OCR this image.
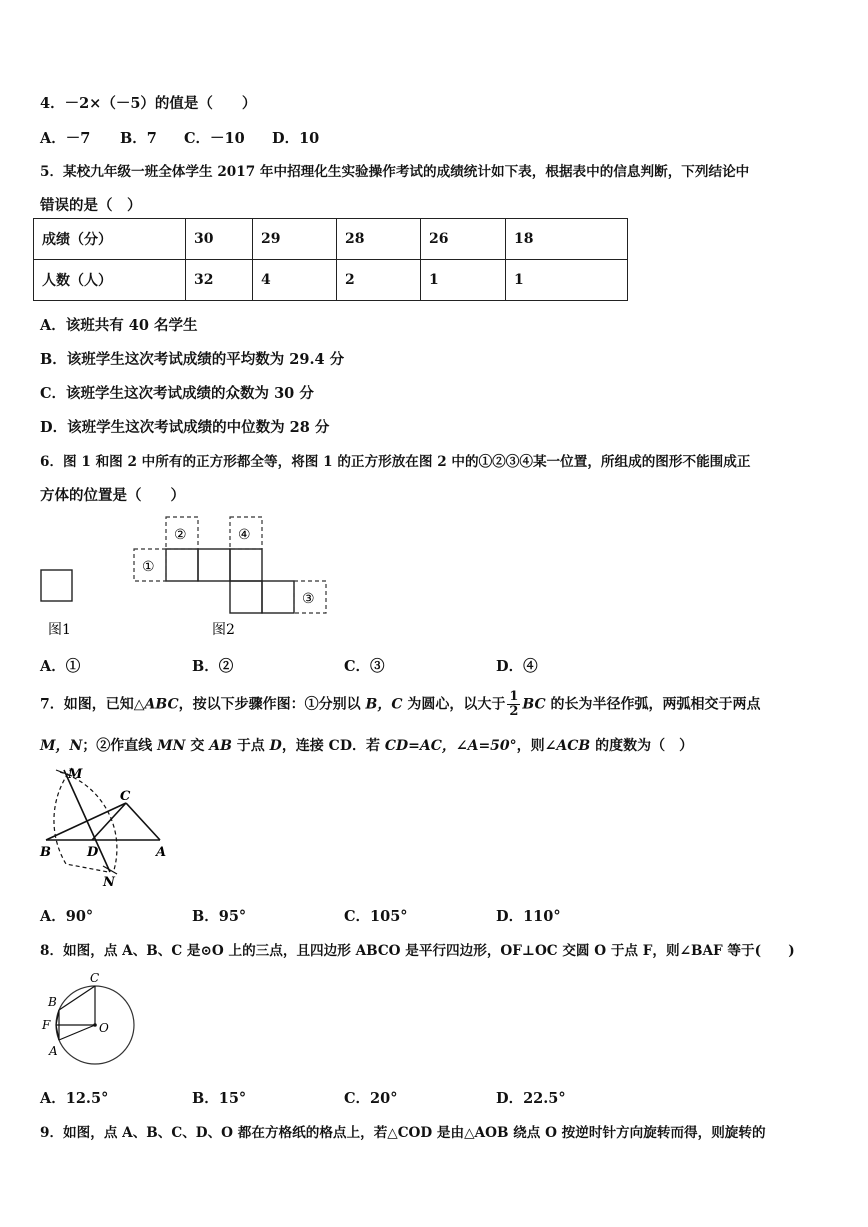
4．－2×（－5）的值是（　　）
A．－7 B．7 C．－10 D．10
5．某校九年级一班全体学生 2017 年中招理化生实验操作考试的成绩统计如下表，根据表中的信息判断，下列结论中
错误的是（　）
成绩（分）	30	29	28	26	18
人数（人）	32	4	2	1	1
A．该班共有 40 名学生
B．该班学生这次考试成绩的平均数为 29.4 分
C．该班学生这次考试成绩的众数为 30 分
D．该班学生这次考试成绩的中位数为 28 分
6．图 1 和图 2 中所有的正方形都全等，将图 1 的正方形放在图 2 中的①②③④某一位置，所组成的图形不能围成正
方体的位置是（　　）
图1
①
②	④
③
图2
A．①	B．②	C．③	D．④
7．如图，已知△ABC，按以下步骤作图：①分别以 B，C 为圆心，以大于 $\frac{1}{2}$ BC 的长为半径作弧，两弧相交于两点
M，N；②作直线 MN 交 AB 于点 D，连接 CD．若 CD=AC，∠A=50°，则∠ACB 的度数为（　）
M
C
B	D	A
N
A．90°	B．95°	C．105°	D．110°
8．如图，点 A、B、C 是⊙O 上的三点，且四边形 ABCO 是平行四边形，OF⊥OC 交圆 O 于点 F，则∠BAF 等于(　　)
C
B
F	O
A
A．12.5°	B．15°	C．20°	D．22.5°
9．如图，点 A、B、C、D、O 都在方格纸的格点上，若△COD 是由△AOB 绕点 O 按逆时针方向旋转而得，则旋转的
